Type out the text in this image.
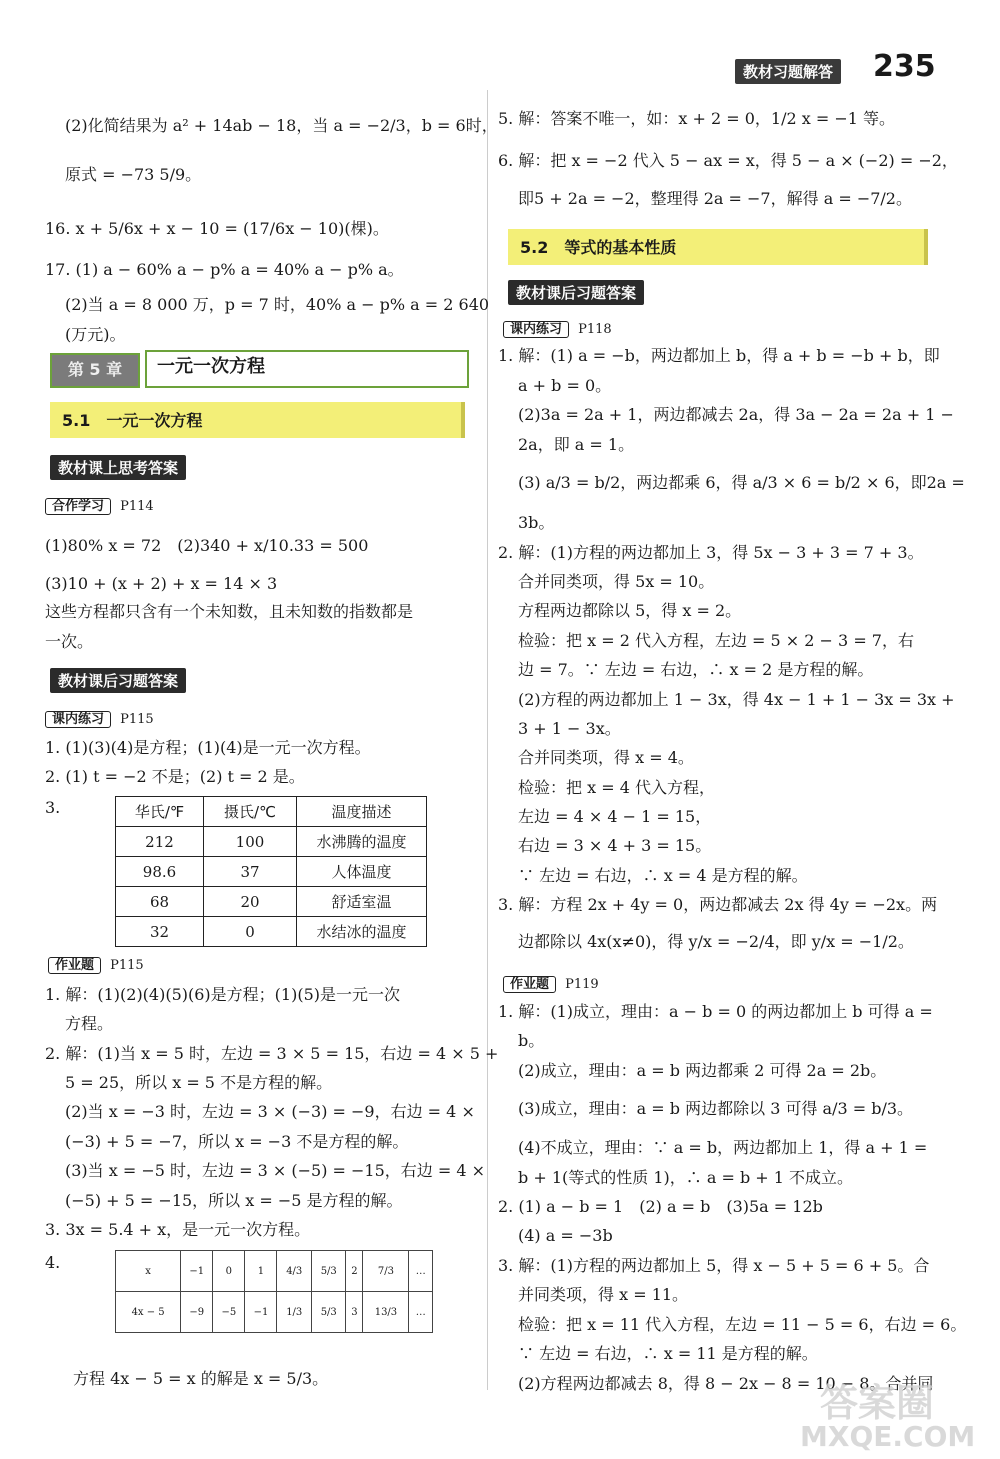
教材习题解答 235
(2)化简结果为 a² + 14ab − 18，当 a = −2/3，b = 6时，
原式 = −73 5/9。
16. x + 5/6x + x − 10 = (17/6x − 10)(棵)。
17. (1) a − 60% a − p% a = 40% a − p% a。
(2)当 a = 8 000 万，p = 7 时，40% a − p% a = 2 640
(万元)。
第 5 章	一元一次方程
5.1　一元一次方程
教材课上思考答案
合作学习 P114
(1)80% x = 72　(2)340 + x/10.33 = 500
(3)10 + (x + 2) + x = 14 × 3
这些方程都只含有一个未知数，且未知数的指数都是
一次。
教材课后习题答案
课内练习 P115
1. (1)(3)(4)是方程；(1)(4)是一元一次方程。
2. (1) t = −2 不是；(2) t = 2 是。
3.	华氏/℉	摄氏/℃	温度描述
212	100	水沸腾的温度
98.6	37	人体温度
68	20	舒适室温
32	0	水结冰的温度
作业题 P115
1. 解：(1)(2)(4)(5)(6)是方程；(1)(5)是一元一次
方程。
2. 解：(1)当 x = 5 时，左边 = 3 × 5 = 15，右边 = 4 × 5 +
5 = 25，所以 x = 5 不是方程的解。
(2)当 x = −3 时，左边 = 3 × (−3) = −9，右边 = 4 ×
(−3) + 5 = −7，所以 x = −3 不是方程的解。
(3)当 x = −5 时，左边 = 3 × (−5) = −15，右边 = 4 ×
(−5) + 5 = −15，所以 x = −5 是方程的解。
3. 3x = 5.4 + x，是一元一次方程。
4.	x	−1	0	1	4/3	5/3	2	7/3	…
4x − 5	−9	−5	−1	1/3	5/3	3	13/3	…
方程 4x − 5 = x 的解是 x = 5/3。
5. 解：答案不唯一，如：x + 2 = 0，1/2 x = −1 等。
6. 解：把 x = −2 代入 5 − ax = x，得 5 − a × (−2) = −2，
即5 + 2a = −2，整理得 2a = −7，解得 a = −7/2。
5.2　等式的基本性质
教材课后习题答案
课内练习 P118
1. 解：(1) a = −b，两边都加上 b，得 a + b = −b + b，即
a + b = 0。
(2)3a = 2a + 1，两边都减去 2a，得 3a − 2a = 2a + 1 −
2a，即 a = 1。
(3) a/3 = b/2，两边都乘 6，得 a/3 × 6 = b/2 × 6，即2a =
3b。
2. 解：(1)方程的两边都加上 3，得 5x − 3 + 3 = 7 + 3。
合并同类项，得 5x = 10。
方程两边都除以 5，得 x = 2。
检验：把 x = 2 代入方程，左边 = 5 × 2 − 3 = 7，右
边 = 7。∵ 左边 = 右边，∴ x = 2 是方程的解。
(2)方程的两边都加上 1 − 3x，得 4x − 1 + 1 − 3x = 3x +
3 + 1 − 3x。
合并同类项，得 x = 4。
检验：把 x = 4 代入方程，
左边 = 4 × 4 − 1 = 15，
右边 = 3 × 4 + 3 = 15。
∵ 左边 = 右边，∴ x = 4 是方程的解。
3. 解：方程 2x + 4y = 0，两边都减去 2x 得 4y = −2x。两
边都除以 4x(x≠0)，得 y/x = −2/4，即 y/x = −1/2。
作业题 P119
1. 解：(1)成立，理由：a − b = 0 的两边都加上 b 可得 a =
b。
(2)成立，理由：a = b 两边都乘 2 可得 2a = 2b。
(3)成立，理由：a = b 两边都除以 3 可得 a/3 = b/3。
(4)不成立，理由：∵ a = b，两边都加上 1，得 a + 1 =
b + 1(等式的性质 1)，∴ a = b + 1 不成立。
2. (1) a − b = 1　(2) a = b　(3)5a = 12b
(4) a = −3b
3. 解：(1)方程的两边都加上 5，得 x − 5 + 5 = 6 + 5。合
并同类项，得 x = 11。
检验：把 x = 11 代入方程，左边 = 11 − 5 = 6，右边 = 6。
∵ 左边 = 右边，∴ x = 11 是方程的解。
(2)方程两边都减去 8，得 8 − 2x − 8 = 10 − 8。合并同
答案圈
MXQE.COM
